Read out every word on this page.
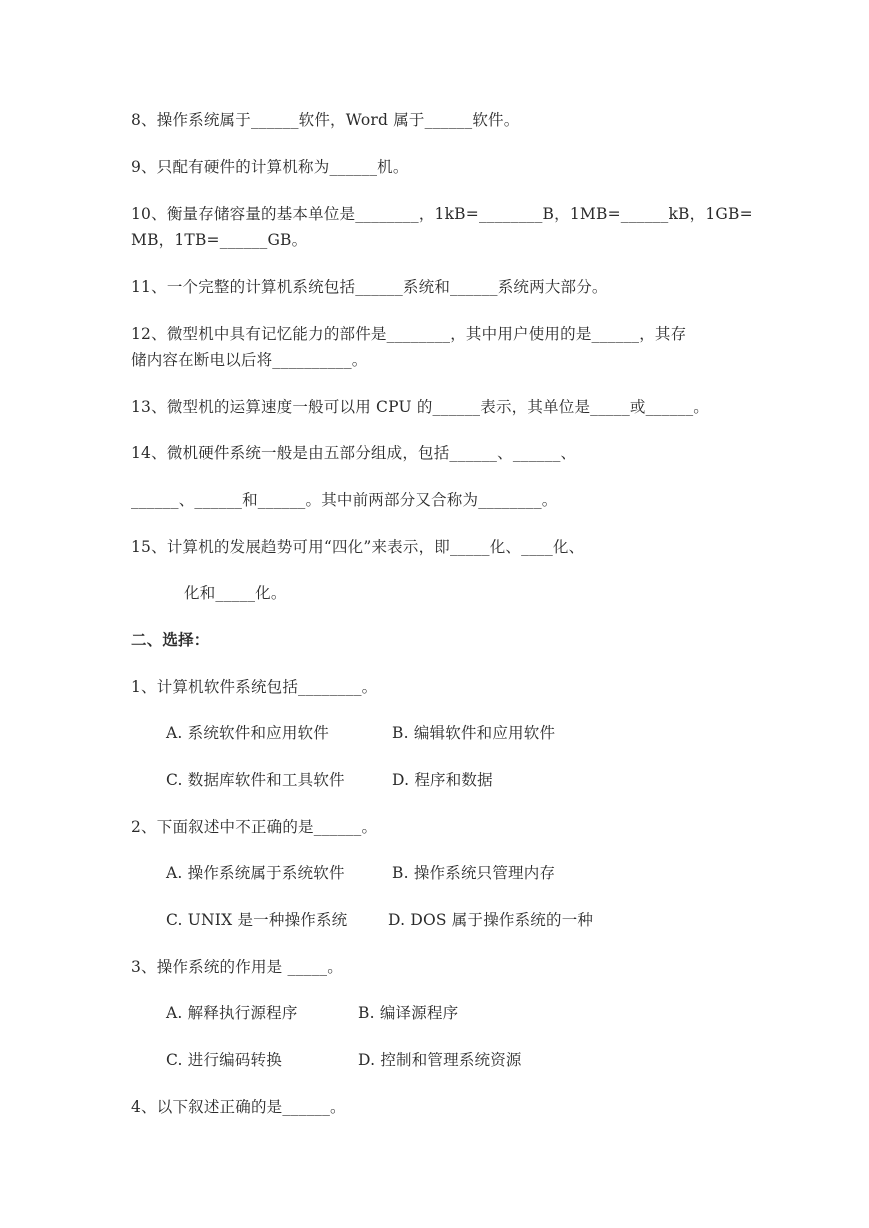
8、操作系统属于______软件，Word 属于______软件。
9、只配有硬件的计算机称为______机。
10、衡量存储容量的基本单位是________，1kB=________B，1MB=______kB，1GB=
MB，1TB=______GB。
11、一个完整的计算机系统包括______系统和______系统两大部分。
12、微型机中具有记忆能力的部件是________，其中用户使用的是______，其存
储内容在断电以后将__________。
13、微型机的运算速度一般可以用 CPU 的______表示，其单位是_____或______。
14、微机硬件系统一般是由五部分组成，包括______、______、
______、______和______。其中前两部分又合称为________。
15、计算机的发展趋势可用“四化”来表示，即_____化、____化、
化和_____化。
二、选择：
1、计算机软件系统包括________。
A. 系统软件和应用软件	B. 编辑软件和应用软件
C. 数据库软件和工具软件	D. 程序和数据
2、下面叙述中不正确的是______。
A. 操作系统属于系统软件	B. 操作系统只管理内存
C. UNIX 是一种操作系统	D. DOS 属于操作系统的一种
3、操作系统的作用是 _____。
A. 解释执行源程序	B. 编译源程序
C. 进行编码转换	D. 控制和管理系统资源
4、以下叙述正确的是______。
